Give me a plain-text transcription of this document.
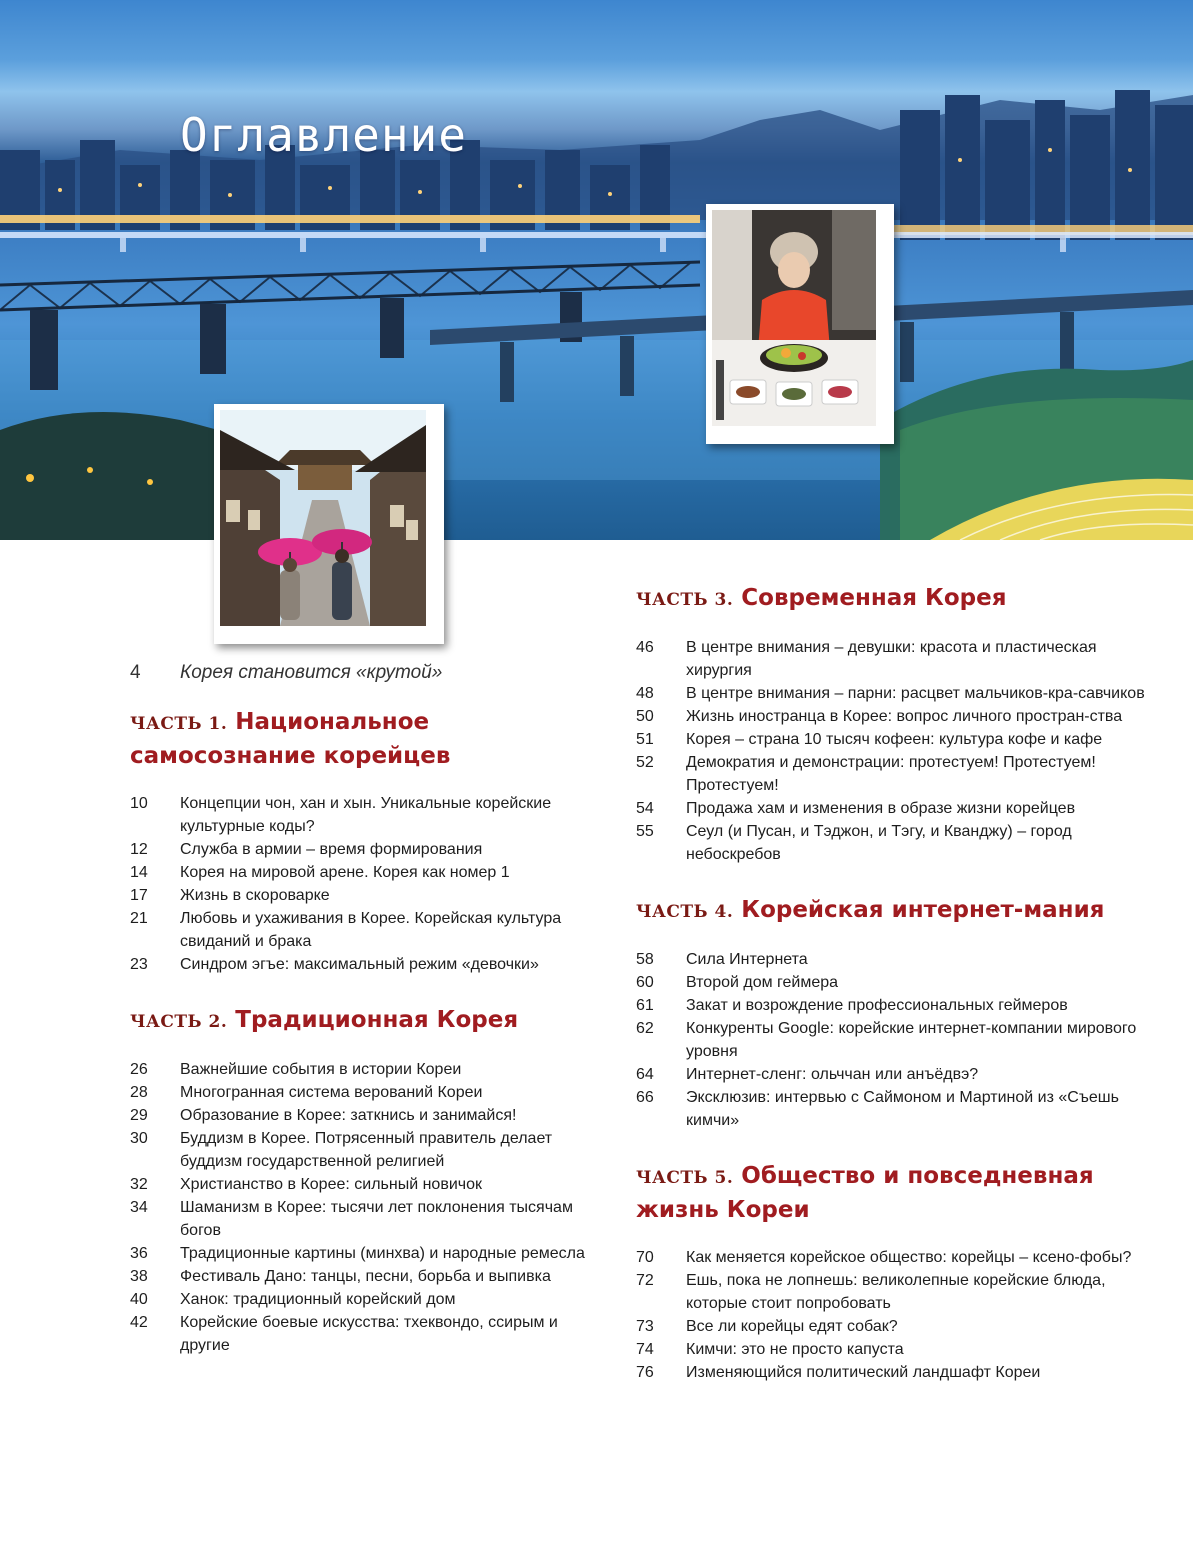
Оглавление
4	Корея становится «крутой»
ЧАСТЬ 1. Национальное самосознание корейцев
10	Концепции чон, хан и хын. Уникальные корейские культурные коды?
12	Служба в армии – время формирования
14	Корея на мировой арене. Корея как номер 1
17	Жизнь в скороварке
21	Любовь и ухаживания в Корее. Корейская культура свиданий и брака
23	Синдром эгъе: максимальный режим «девочки»
ЧАСТЬ 2. Традиционная Корея
26	Важнейшие события в истории Кореи
28	Многогранная система верований Кореи
29	Образование в Корее: заткнись и занимайся!
30	Буддизм в Корее. Потрясенный правитель делает буддизм государственной религией
32	Христианство в Корее: сильный новичок
34	Шаманизм в Корее: тысячи лет поклонения тысячам богов
36	Традиционные картины (минхва) и народные ремесла
38	Фестиваль Дано: танцы, песни, борьба и выпивка
40	Ханок: традиционный корейский дом
42	Корейские боевые искусства: тхеквондо, ссирым и другие
ЧАСТЬ 3. Современная Корея
46	В центре внимания – девушки: красота и пластическая хирургия
48	В центре внимания – парни: расцвет мальчиков-кра-савчиков
50	Жизнь иностранца в Корее: вопрос личного простран-ства
51	Корея – страна 10 тысяч кофеен: культура кофе и кафе
52	Демократия и демонстрации: протестуем! Протестуем! Протестуем!
54	Продажа хам и изменения в образе жизни корейцев
55	Сеул (и Пусан, и Тэджон, и Тэгу, и Кванджу) – город небоскребов
ЧАСТЬ 4. Корейская интернет-мания
58	Сила Интернета
60	Второй дом геймера
61	Закат и возрождение профессиональных геймеров
62	Конкуренты Google: корейские интернет-компании мирового уровня
64	Интернет-сленг: ольччан или анъёдвэ?
66	Эксклюзив: интервью с Саймоном и Мартиной из «Съешь кимчи»
ЧАСТЬ 5. Общество и повседневная жизнь Кореи
70	Как меняется корейское общество: корейцы – ксено-фобы?
72	Ешь, пока не лопнешь: великолепные корейские блюда, которые стоит попробовать
73	Все ли корейцы едят собак?
74	Кимчи: это не просто капуста
76	Изменяющийся политический ландшафт Кореи
